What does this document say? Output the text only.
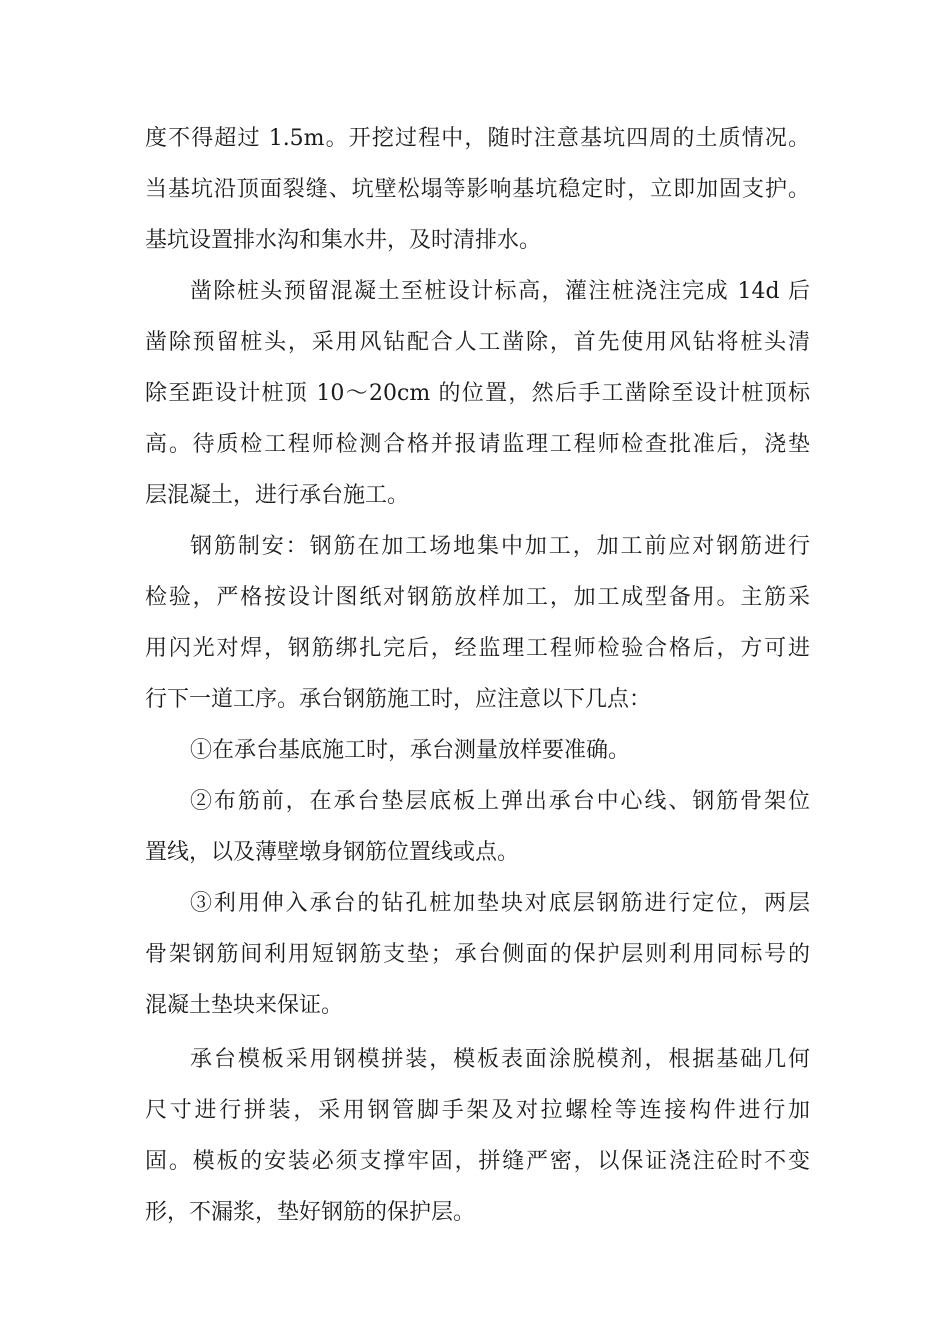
度不得超过 1.5m。开挖过程中，随时注意基坑四周的土质情况。
当基坑沿顶面裂缝、坑壁松塌等影响基坑稳定时，立即加固支护。
基坑设置排水沟和集水井，及时清排水。
凿除桩头预留混凝土至桩设计标高，灌注桩浇注完成 14d 后
凿除预留桩头，采用风钻配合人工凿除，首先使用风钻将桩头清
除至距设计桩顶 10～20cm 的位置，然后手工凿除至设计桩顶标
高。待质检工程师检测合格并报请监理工程师检查批准后，浇垫
层混凝土，进行承台施工。
钢筋制安：钢筋在加工场地集中加工，加工前应对钢筋进行
检验，严格按设计图纸对钢筋放样加工，加工成型备用。主筋采
用闪光对焊，钢筋绑扎完后，经监理工程师检验合格后，方可进
行下一道工序。承台钢筋施工时，应注意以下几点：
①在承台基底施工时，承台测量放样要准确。
②布筋前，在承台垫层底板上弹出承台中心线、钢筋骨架位
置线，以及薄壁墩身钢筋位置线或点。
③利用伸入承台的钻孔桩加垫块对底层钢筋进行定位，两层
骨架钢筋间利用短钢筋支垫；承台侧面的保护层则利用同标号的
混凝土垫块来保证。
承台模板采用钢模拼装，模板表面涂脱模剂，根据基础几何
尺寸进行拼装，采用钢管脚手架及对拉螺栓等连接构件进行加
固。模板的安装必须支撑牢固，拼缝严密，以保证浇注砼时不变
形，不漏浆，垫好钢筋的保护层。
